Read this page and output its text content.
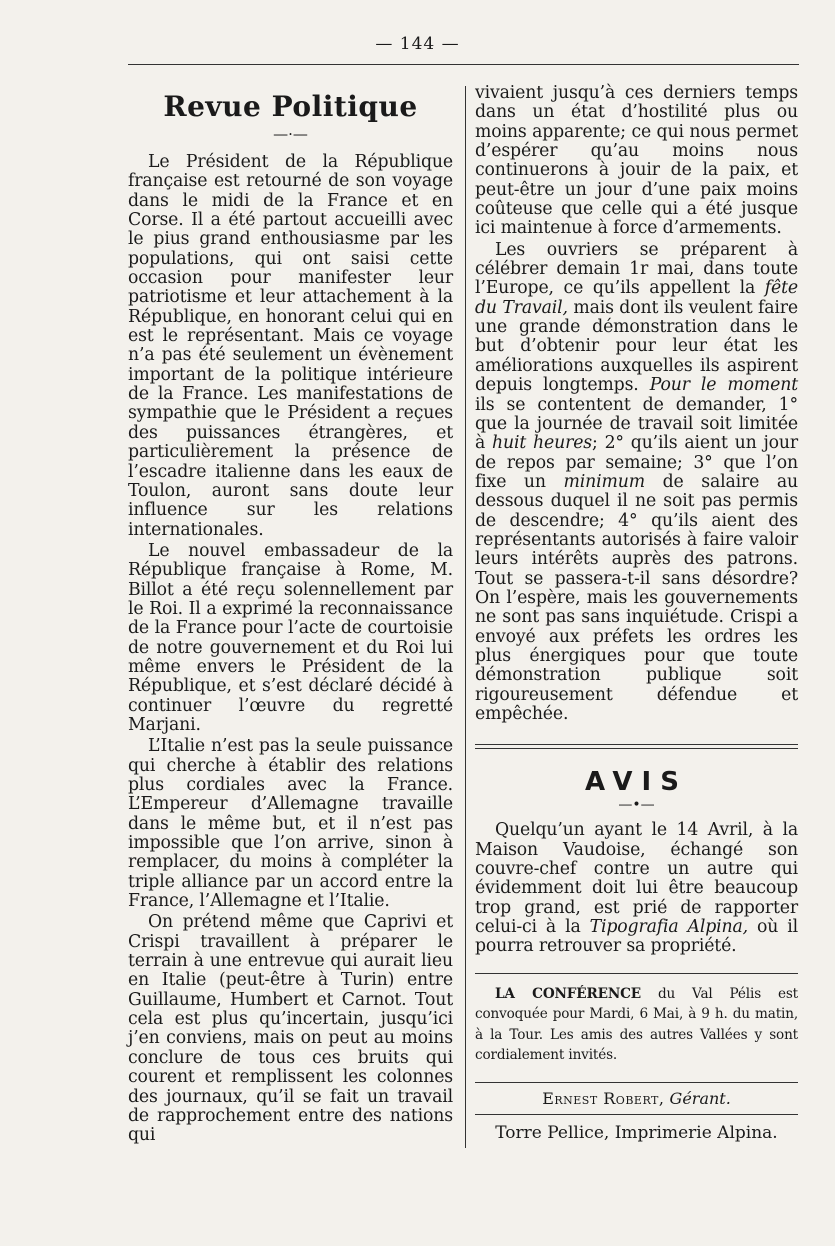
— 144 —
Revue Politique
—·—

Le Président de la République française est retourné de son voyage dans le midi de la France et en Corse. Il a été partout accueilli avec le pius grand enthousiasme par les populations, qui ont saisi cette occasion pour manifester leur patriotisme et leur attachement à la République, en honorant celui qui en est le représentant. Mais ce voyage n’a pas été seulement un évènement important de la politique intérieure de la France. Les manifestations de sympathie que le Président a reçues des puissances étrangères, et particulièrement la présence de l’escadre italienne dans les eaux de Toulon, auront sans doute leur influence sur les relations internationales.

Le nouvel embassadeur de la République française à Rome, M. Billot a été reçu solennellement par le Roi. Il a exprimé la reconnaissance de la France pour l’acte de courtoisie de notre gouvernement et du Roi lui même envers le Président de la République, et s’est déclaré décidé à continuer l’œuvre du regretté Marjani.

L’Italie n’est pas la seule puissance qui cherche à établir des relations plus cordiales avec la France. L’Empereur d’Allemagne travaille dans le même but, et il n’est pas impossible que l’on arrive, sinon à remplacer, du moins à compléter la triple alliance par un accord entre la France, l’Allemagne et l’Italie.

On prétend même que Caprivi et Crispi travaillent à préparer le terrain à une entrevue qui aurait lieu en Italie (peut-être à Turin) entre Guillaume, Humbert et Carnot. Tout cela est plus qu’incertain, jusqu’ici j’en conviens, mais on peut au moins conclure de tous ces bruits qui courent et remplissent les colonnes des journaux, qu’il se fait un travail de rapprochement entre des nations qui

vivaient jusqu’à ces derniers temps dans un état d’hostilité plus ou moins apparente; ce qui nous permet d’espérer qu’au moins nous continuerons à jouir de la paix, et peut-être un jour d’une paix moins coûteuse que celle qui a été jusque ici maintenue à force d’armements.

Les ouvriers se préparent à célébrer demain 1r mai, dans toute l’Europe, ce qu’ils appellent la fête du Travail, mais dont ils veulent faire une grande démonstration dans le but d’obtenir pour leur état les améliorations auxquelles ils aspirent depuis longtemps. Pour le moment ils se contentent de demander, 1° que la journée de travail soit limitée à huit heures; 2° qu’ils aient un jour de repos par semaine; 3° que l’on fixe un minimum de salaire au dessous duquel il ne soit pas permis de descendre; 4° qu’ils aient des représentants autorisés à faire valoir leurs intérêts auprès des patrons. Tout se passera-t-il sans désordre? On l’espère, mais les gouvernements ne sont pas sans inquiétude. Crispi a envoyé aux préfets les ordres les plus énergiques pour que toute démonstration publique soit rigoureusement défendue et empêchée.

AVIS
—•—

Quelqu’un ayant le 14 Avril, à la Maison Vaudoise, échangé son couvre-chef contre un autre qui évidemment doit lui être beaucoup trop grand, est prié de rapporter celui-ci à la Tipografia Alpina, où il pourra retrouver sa propriété.

LA CONFÉRENCE du Val Pélis est convoquée pour Mardi, 6 Mai, à 9 h. du matin, à la Tour. Les amis des autres Vallées y sont cordialement invités.

Ernest Robert, Gérant.
Torre Pellice, Imprimerie Alpina.
